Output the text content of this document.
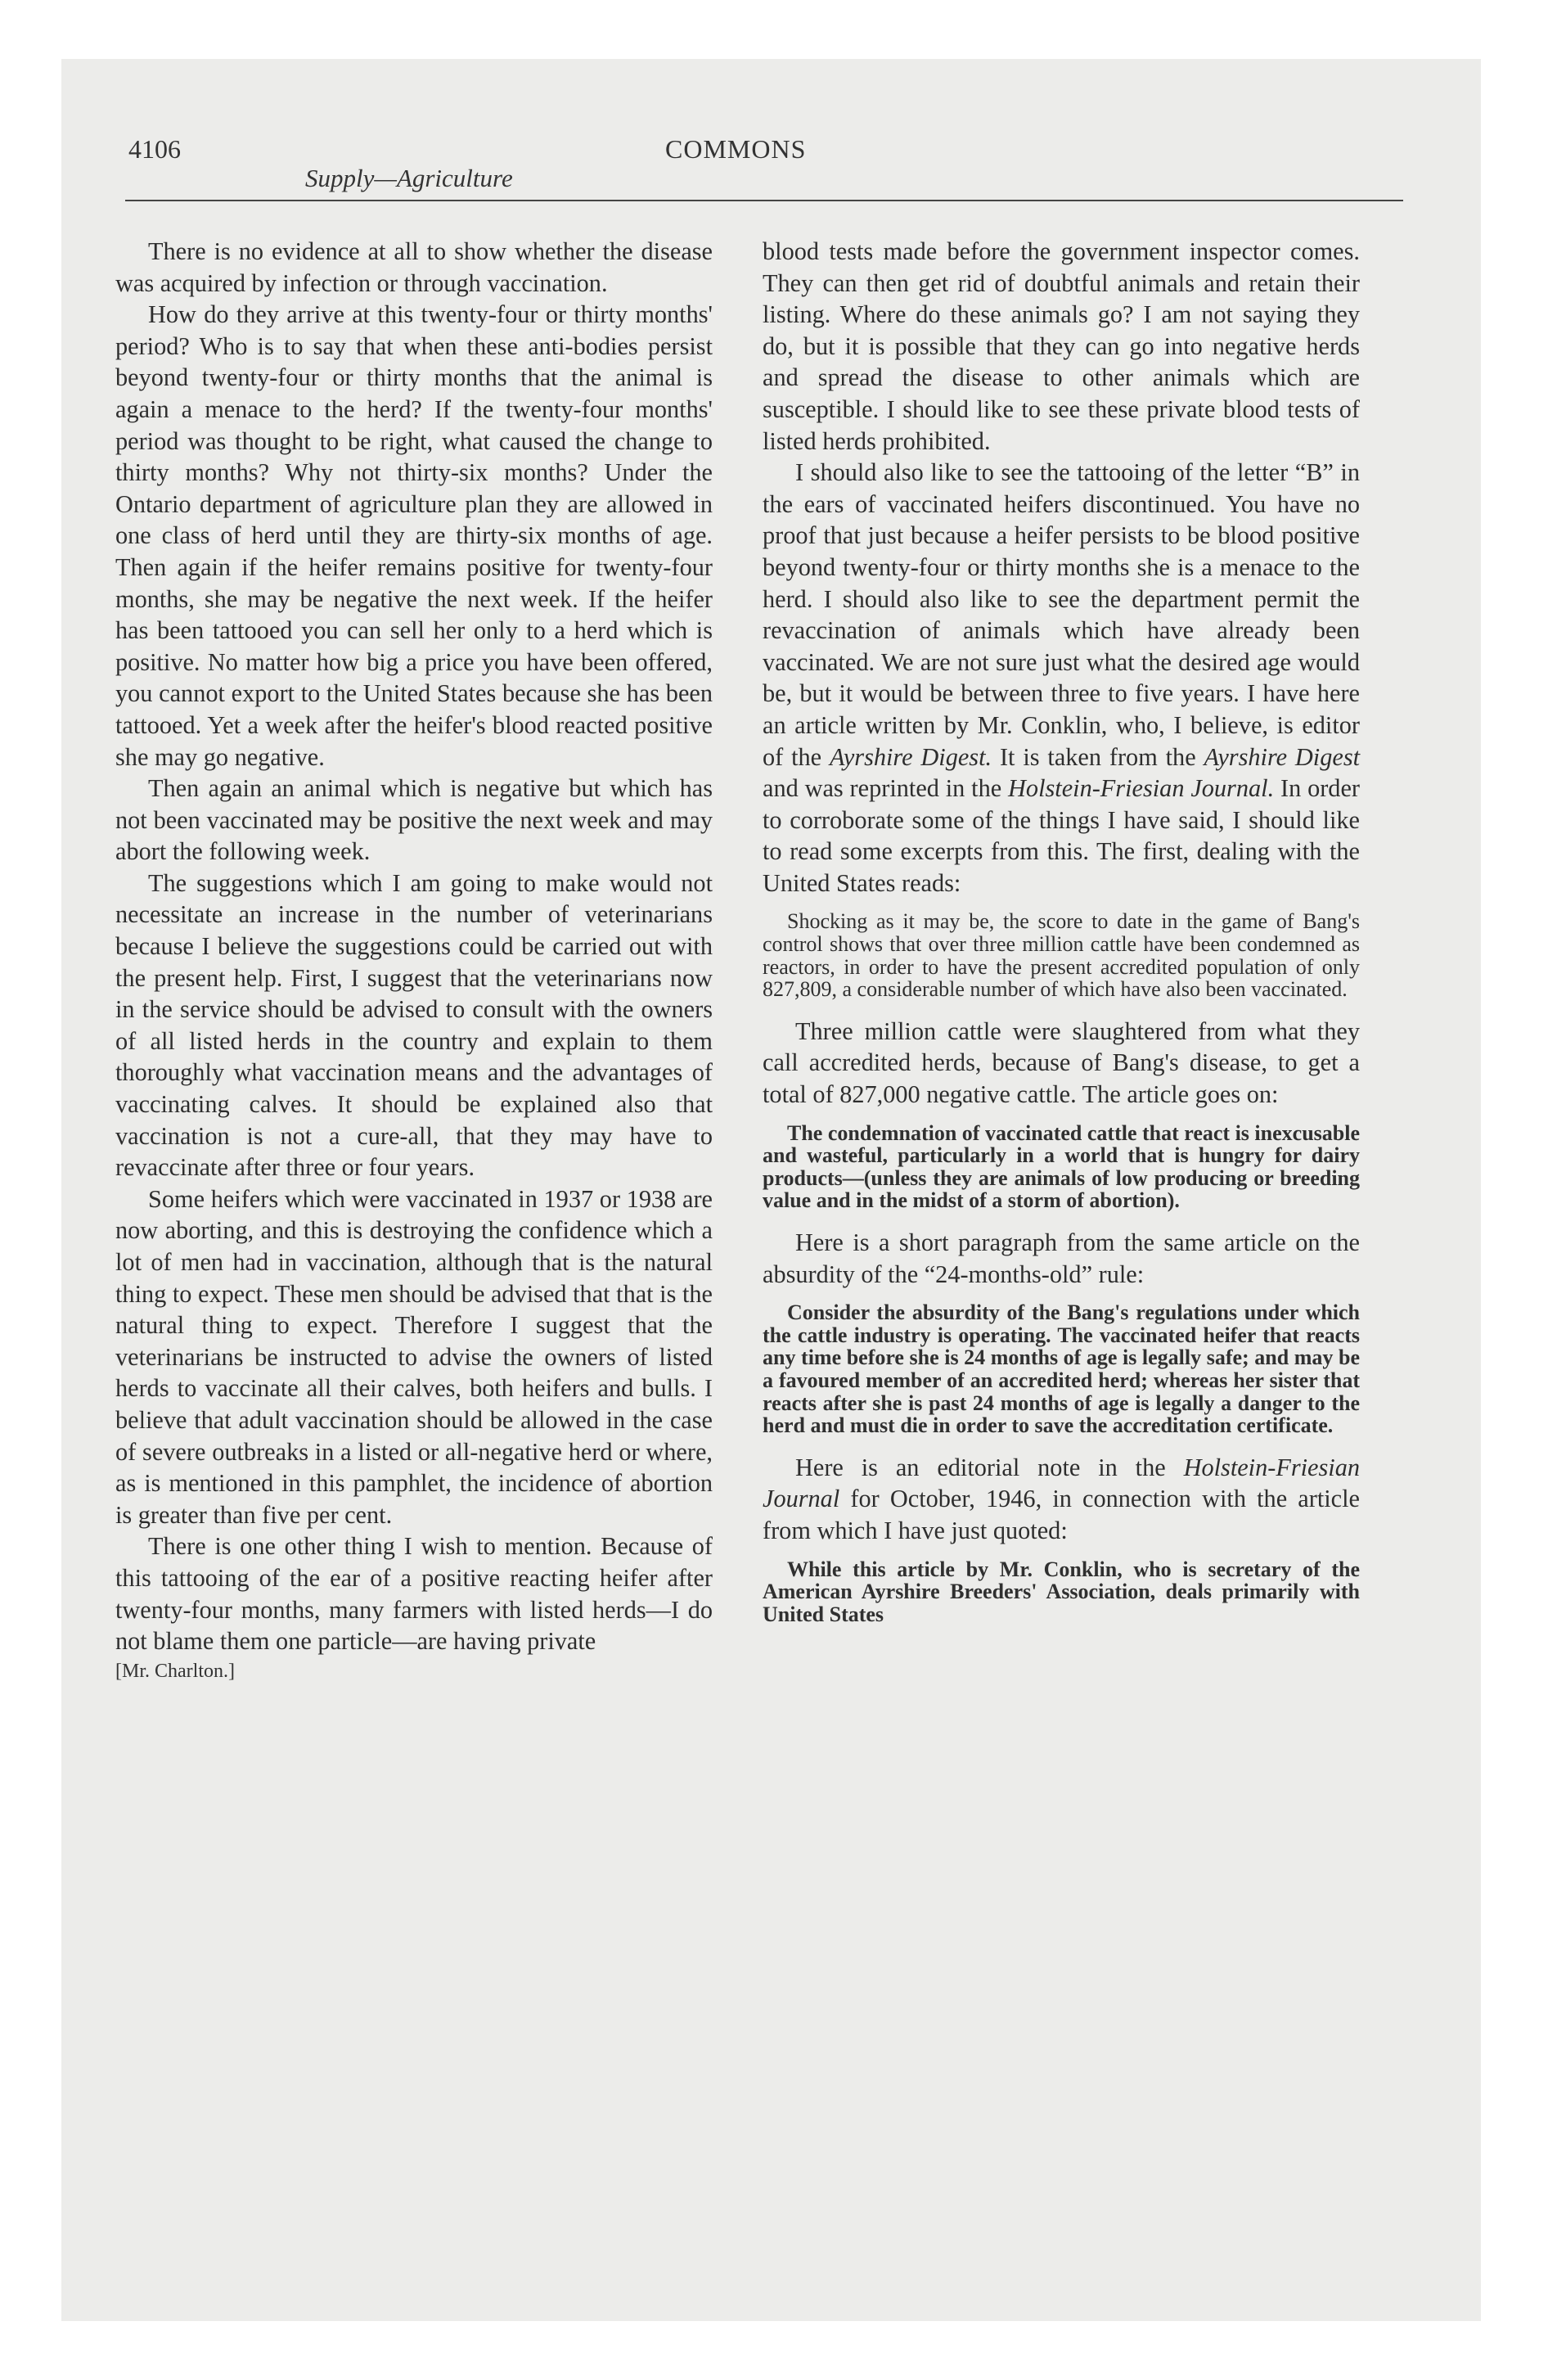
4106	COMMONS
Supply—Agriculture

There is no evidence at all to show whether the disease was acquired by infection or through vaccination.

How do they arrive at this twenty-four or thirty months' period? Who is to say that when these anti-bodies persist beyond twenty-four or thirty months that the animal is again a menace to the herd? If the twenty-four months' period was thought to be right, what caused the change to thirty months? Why not thirty-six months? Under the Ontario department of agriculture plan they are allowed in one class of herd until they are thirty-six months of age. Then again if the heifer remains positive for twenty-four months, she may be negative the next week. If the heifer has been tattooed you can sell her only to a herd which is positive. No matter how big a price you have been offered, you cannot export to the United States because she has been tattooed. Yet a week after the heifer's blood reacted positive she may go negative.

Then again an animal which is negative but which has not been vaccinated may be positive the next week and may abort the following week.

The suggestions which I am going to make would not necessitate an increase in the number of veterinarians because I believe the suggestions could be carried out with the present help. First, I suggest that the veterinarians now in the service should be advised to consult with the owners of all listed herds in the country and explain to them thoroughly what vaccination means and the advantages of vaccinating calves. It should be explained also that vaccination is not a cure-all, that they may have to revaccinate after three or four years.

Some heifers which were vaccinated in 1937 or 1938 are now aborting, and this is destroying the confidence which a lot of men had in vaccination, although that is the natural thing to expect. These men should be advised that that is the natural thing to expect. Therefore I suggest that the veterinarians be instructed to advise the owners of listed herds to vaccinate all their calves, both heifers and bulls. I believe that adult vaccination should be allowed in the case of severe outbreaks in a listed or all-negative herd or where, as is mentioned in this pamphlet, the incidence of abortion is greater than five per cent.

There is one other thing I wish to mention. Because of this tattooing of the ear of a positive reacting heifer after twenty-four months, many farmers with listed herds—I do not blame them one particle—are having private

[Mr. Charlton.]

blood tests made before the government inspector comes. They can then get rid of doubtful animals and retain their listing. Where do these animals go? I am not saying they do, but it is possible that they can go into negative herds and spread the disease to other animals which are susceptible. I should like to see these private blood tests of listed herds prohibited.

I should also like to see the tattooing of the letter “B” in the ears of vaccinated heifers discontinued. You have no proof that just because a heifer persists to be blood positive beyond twenty-four or thirty months she is a menace to the herd. I should also like to see the department permit the revaccination of animals which have already been vaccinated. We are not sure just what the desired age would be, but it would be between three to five years. I have here an article written by Mr. Conklin, who, I believe, is editor of the Ayrshire Digest. It is taken from the Ayrshire Digest and was reprinted in the Holstein-Friesian Journal. In order to corroborate some of the things I have said, I should like to read some excerpts from this. The first, dealing with the United States reads:

Shocking as it may be, the score to date in the game of Bang's control shows that over three million cattle have been condemned as reactors, in order to have the present accredited population of only 827,809, a considerable number of which have also been vaccinated.

Three million cattle were slaughtered from what they call accredited herds, because of Bang's disease, to get a total of 827,000 negative cattle. The article goes on:

The condemnation of vaccinated cattle that react is inexcusable and wasteful, particularly in a world that is hungry for dairy products—(unless they are animals of low producing or breeding value and in the midst of a storm of abortion).

Here is a short paragraph from the same article on the absurdity of the “24-months-old” rule:

Consider the absurdity of the Bang's regulations under which the cattle industry is operating. The vaccinated heifer that reacts any time before she is 24 months of age is legally safe; and may be a favoured member of an accredited herd; whereas her sister that reacts after she is past 24 months of age is legally a danger to the herd and must die in order to save the accreditation certificate.

Here is an editorial note in the Holstein-Friesian Journal for October, 1946, in connection with the article from which I have just quoted:

While this article by Mr. Conklin, who is secretary of the American Ayrshire Breeders' Association, deals primarily with United States
